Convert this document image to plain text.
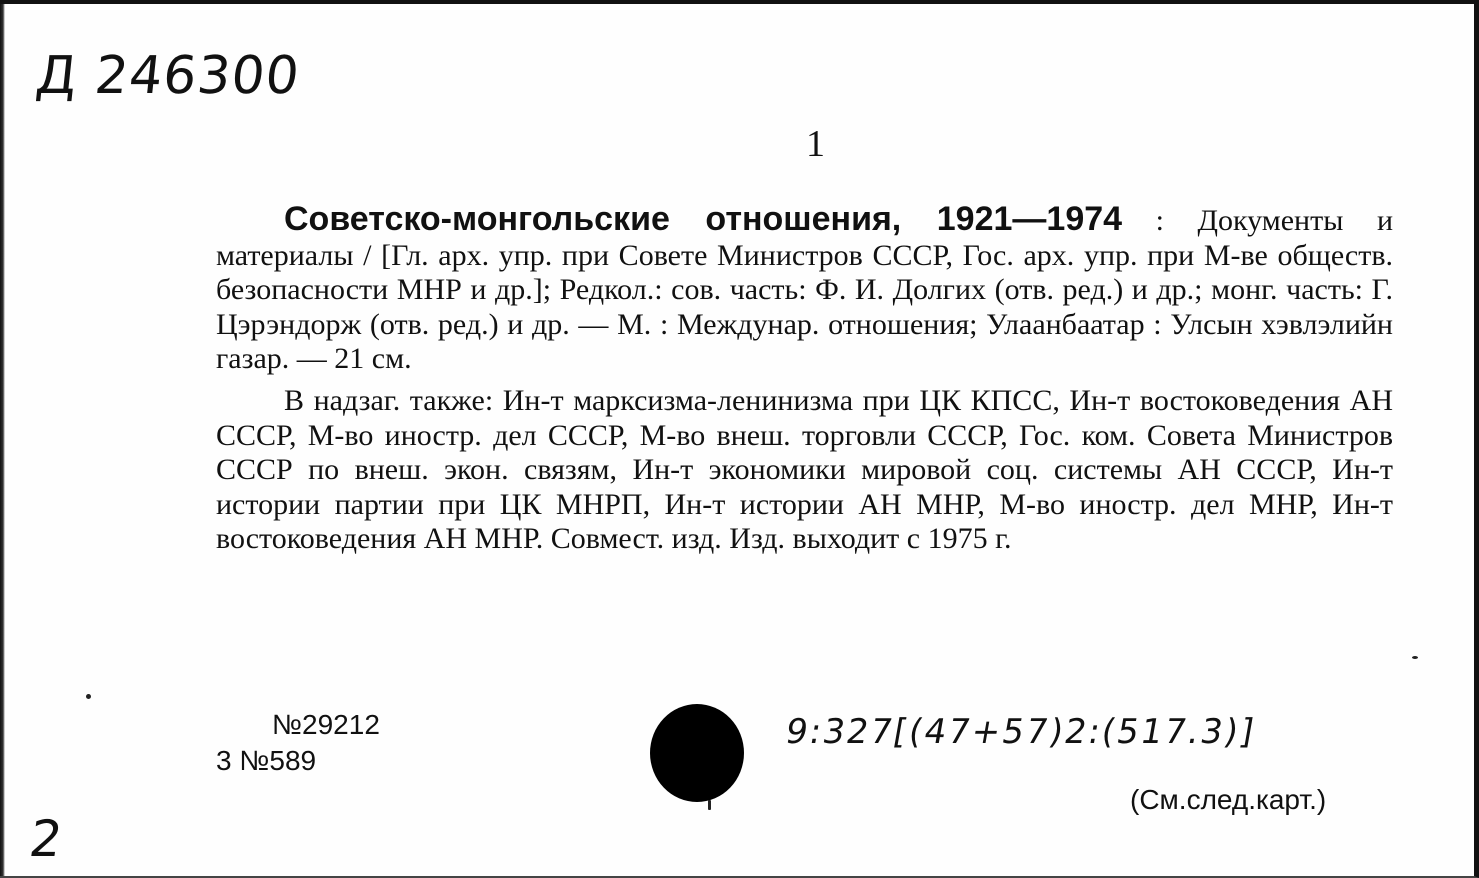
Д 246300
1

Советско-монгольские отношения, 1921—1974 : Документы и материалы / [Гл. арх. упр. при Совете Министров СССР, Гос. арх. упр. при М-ве обществ. безопасности МНР и др.]; Редкол.: сов. часть: Ф. И. Долгих (отв. ред.) и др.; монг. часть: Г. Цэрэндорж (отв. ред.) и др. — М. : Междунар. отношения; Улаанбаатар : Улсын хэвлэлийн газар. — 21 см.

В надзаг. также: Ин-т марксизма-ленинизма при ЦК КПСС, Ин-т востоковедения АН СССР, М-во иностр. дел СССР, М-во внеш. торговли СССР, Гос. ком. Совета Министров СССР по внеш. экон. связям, Ин-т экономики мировой соц. системы АН СССР, Ин-т истории партии при ЦК МНРП, Ин-т истории АН МНР, М-во иностр. дел МНР, Ин-т востоковедения АН МНР. Совмест. изд. Изд. выходит с 1975 г.

№29212
3 №589
9:327[(47+57)2:(517.3)]
(См.след.карт.)
2
